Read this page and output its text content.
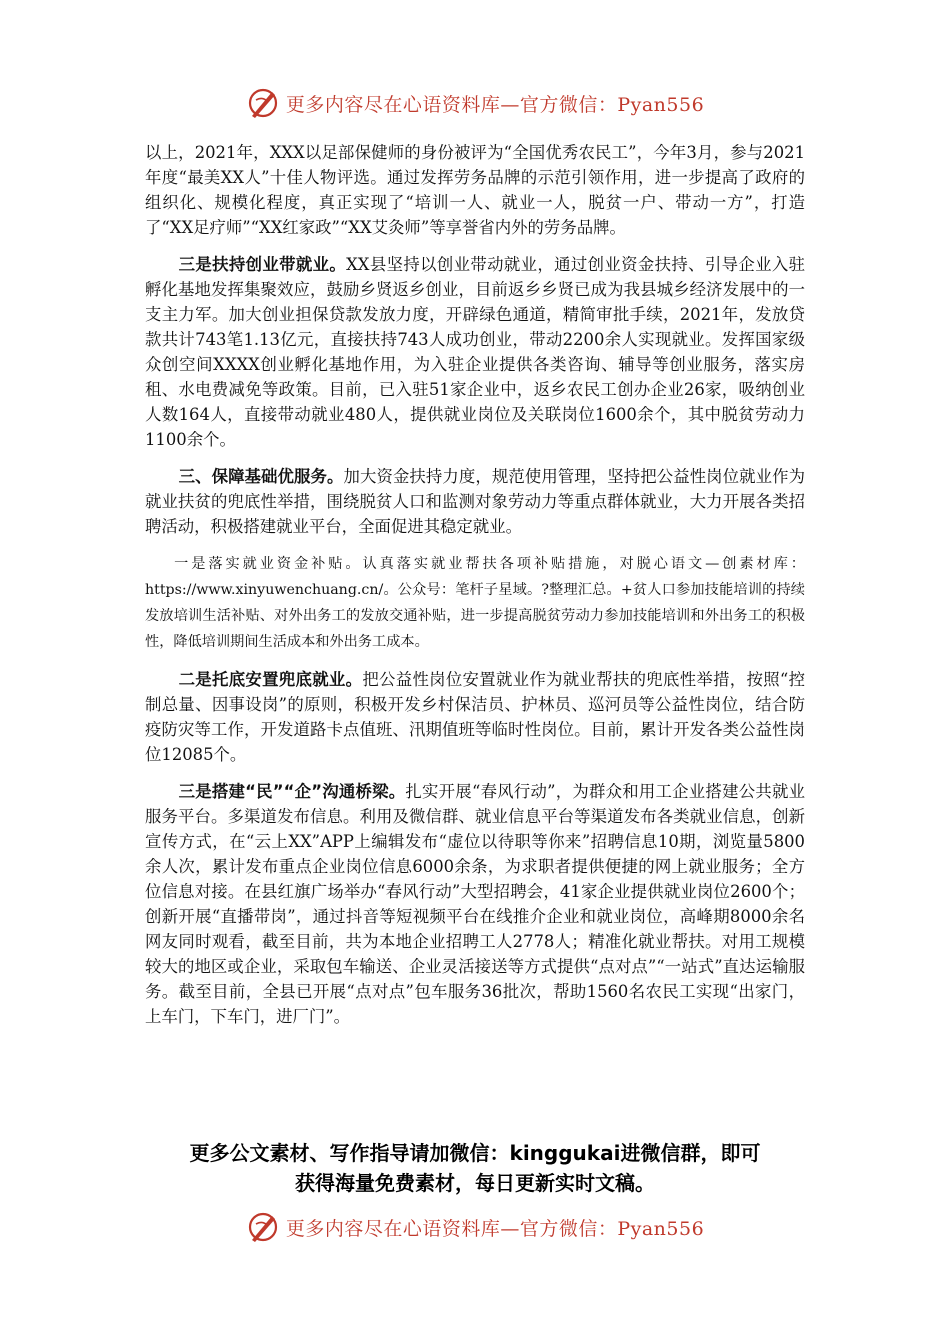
更多内容尽在心语资料库—官方微信：Pyan556

以上，2021年，XXX以足部保健师的身份被评为“全国优秀农民工”，今年3月，参与2021年度“最美XX人”十佳人物评选。通过发挥劳务品牌的示范引领作用，进一步提高了政府的组织化、规模化程度，真正实现了“培训一人、就业一人，脱贫一户、带动一方”，打造了“XX足疗师”“XX红家政”“XX艾灸师”等享誉省内外的劳务品牌。

三是扶持创业带就业。XX县坚持以创业带动就业，通过创业资金扶持、引导企业入驻孵化基地发挥集聚效应，鼓励乡贤返乡创业，目前返乡乡贤已成为我县城乡经济发展中的一支主力军。加大创业担保贷款发放力度，开辟绿色通道，精简审批手续，2021年，发放贷款共计743笔1.13亿元，直接扶持743人成功创业，带动2200余人实现就业。发挥国家级众创空间XXXX创业孵化基地作用，为入驻企业提供各类咨询、辅导等创业服务，落实房租、水电费减免等政策。目前，已入驻51家企业中，返乡农民工创办企业26家，吸纳创业人数164人，直接带动就业480人，提供就业岗位及关联岗位1600余个，其中脱贫劳动力1100余个。

三、保障基础优服务。加大资金扶持力度，规范使用管理，坚持把公益性岗位就业作为就业扶贫的兜底性举措，围绕脱贫人口和监测对象劳动力等重点群体就业，大力开展各类招聘活动，积极搭建就业平台，全面促进其稳定就业。

一是落实就业资金补贴。认真落实就业帮扶各项补贴措施，对脱心语文—创素材库：https://www.xinyuwenchuang.cn/。公众号：笔杆子星域。?整理汇总。+贫人口参加技能培训的持续发放培训生活补贴、对外出务工的发放交通补贴，进一步提高脱贫劳动力参加技能培训和外出务工的积极性，降低培训期间生活成本和外出务工成本。

二是托底安置兜底就业。把公益性岗位安置就业作为就业帮扶的兜底性举措，按照“控制总量、因事设岗”的原则，积极开发乡村保洁员、护林员、巡河员等公益性岗位，结合防疫防灾等工作，开发道路卡点值班、汛期值班等临时性岗位。目前，累计开发各类公益性岗位12085个。

三是搭建“民”“企”沟通桥梁。扎实开展“春风行动”，为群众和用工企业搭建公共就业服务平台。多渠道发布信息。利用及微信群、就业信息平台等渠道发布各类就业信息，创新宣传方式，在“云上XX”APP上编辑发布“虚位以待职等你来”招聘信息10期，浏览量5800余人次，累计发布重点企业岗位信息6000余条，为求职者提供便捷的网上就业服务；全方位信息对接。在县红旗广场举办“春风行动”大型招聘会，41家企业提供就业岗位2600个；创新开展“直播带岗”，通过抖音等短视频平台在线推介企业和就业岗位，高峰期8000余名网友同时观看，截至目前，共为本地企业招聘工人2778人；精准化就业帮扶。对用工规模较大的地区或企业，采取包车输送、企业灵活接送等方式提供“点对点”“一站式”直达运输服务。截至目前，全县已开展“点对点”包车服务36批次，帮助1560名农民工实现“出家门，上车门，下车门，进厂门”。

更多公文素材、写作指导请加微信：kinggukai进微信群，即可
获得海量免费素材，每日更新实时文稿。
更多内容尽在心语资料库—官方微信：Pyan556
